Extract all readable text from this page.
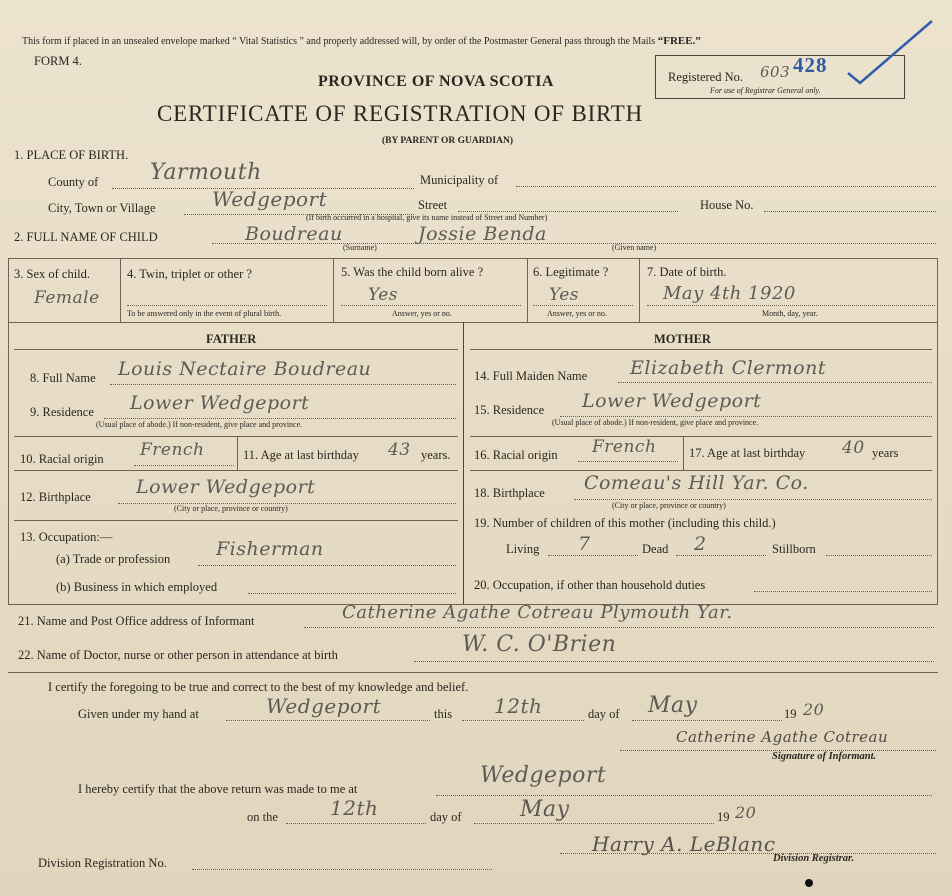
This form if placed in an unsealed envelope marked “ Vital Statistics ” and properly addressed will, by order of the Postmaster General pass through the Mails “FREE.”
FORM 4.
PROVINCE OF NOVA SCOTIA
CERTIFICATE OF REGISTRATION OF BIRTH
(BY PARENT OR GUARDIAN)
Registered No. 603 428
For use of Registrar General only.
1. PLACE OF BIRTH.
County of Yarmouth	Municipality of
City, Town or Village	Wedgeport	Street
(If birth occurred in a hospital, give its name instead of Street and Number)
House No.
2. FULL NAME OF CHILD	Boudreau	Jossie Benda
(Surname)	(Given name)
3. Sex of child.
Female
4. Twin, triplet or other ?
To be answered only in the event of plural birth.
5. Was the child born alive ?
Yes
Answer, yes or no.
6. Legitimate ?
Yes
Answer, yes or no.
7. Date of birth.
May 4th 1920
Month, day, year.
FATHER	MOTHER
8. Full Name Louis Nectaire Boudreau
9. Residence Lower Wedgeport
(Usual place of abode.) If non-resident, give place and province.
10. Racial origin French	11. Age at last birthday 43 years.
12. Birthplace Lower Wedgeport
(City or place, province or country)
13. Occupation:—
(a) Trade or profession Fisherman
(b) Business in which employed
14. Full Maiden Name Elizabeth Clermont
15. Residence Lower Wedgeport
(Usual place of abode.) If non-resident, give place and province.
16. Racial origin French	17. Age at last birthday 40 years
18. Birthplace Comeau's Hill Yar. Co.
(City or place, province or country)
19. Number of children of this mother (including this child.)
Living 7	Dead 2	Stillborn
20. Occupation, if other than household duties
21. Name and Post Office address of Informant	Catherine Agathe Cotreau Plymouth Yar.
22. Name of Doctor, nurse or other person in attendance at birth	W. C. O'Brien
I certify the foregoing to be true and correct to the best of my knowledge and belief.
Given under my hand at	Wedgeport	this 12th	day of May	19 20
Catherine Agathe Cotreau
Signature of Informant.
I hereby certify that the above return was made to me at
Wedgeport
on the	12th	day of	May	19 20
Division Registration No.
Harry A. LeBlanc
Division Registrar.
